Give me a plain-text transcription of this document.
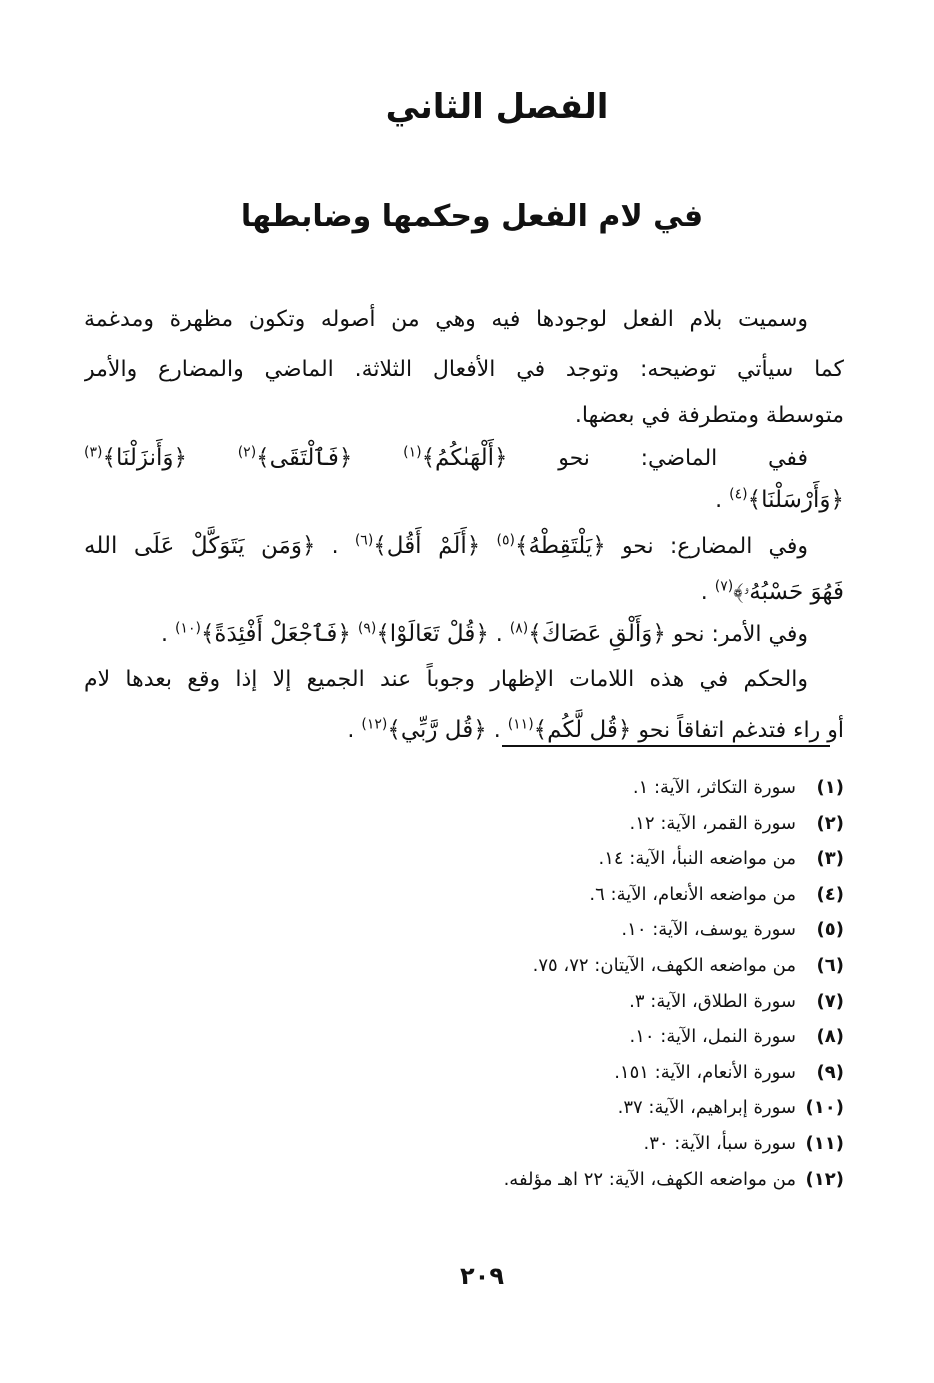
الفصل الثاني
في لام الفعل وحكمها وضابطها
وسميت بلام الفعل لوجودها فيه وهي من أصوله وتكون مظهرة ومدغمة
كما سيأتي توضيحه: وتوجد في الأفعال الثلاثة. الماضي والمضارع والأمر
متوسطة ومتطرفة في بعضها.
ففي الماضي: نحو ﴿أَلْهَىٰكُمُ﴾$^{(١)}$ ﴿فَٱلْتَقَى﴾$^{(٢)}$ ﴿وَأَنزَلْنَا﴾$^{(٣)}$
﴿وَأَرْسَلْنَا﴾$^{(٤)}$ .
وفي المضارع: نحو ﴿يَلْتَقِطْهُ﴾$^{(٥)}$ ﴿أَلَمْ أَقُل﴾$^{(٦)}$ . ﴿وَمَن يَتَوَكَّلْ عَلَى الله
فَهُوَ حَسْبُهُۥ﴾$^{(٧)}$ .
وفي الأمر: نحو ﴿وَأَلْقِ عَصَاكَ﴾$^{(٨)}$ . ﴿قُلْ تَعَالَوْا﴾$^{(٩)}$ ﴿فَٱجْعَلْ أَفْئِدَةً﴾$^{(١٠)}$ .
والحكم في هذه اللامات الإظهار وجوباً عند الجميع إلا إذا وقع بعدها لام
أو راء فتدغم اتفاقاً نحو ﴿قُل لَّكُم﴾$^{(١١)}$ . ﴿قُل رَّبِّي﴾$^{(١٢)}$ .
(١)سورة التكاثر، الآية: ١.
(٢)سورة القمر، الآية: ١٢.
(٣)من مواضعه النبأ، الآية: ١٤.
(٤)من مواضعه الأنعام، الآية: ٦.
(٥)سورة يوسف، الآية: ١٠.
(٦)من مواضعه الكهف، الآيتان: ٧٢، ٧٥.
(٧)سورة الطلاق، الآية: ٣.
(٨)سورة النمل، الآية: ١٠.
(٩)سورة الأنعام، الآية: ١٥١.
(١٠)سورة إبراهيم، الآية: ٣٧.
(١١)سورة سبأ، الآية: ٣٠.
(١٢)من مواضعه الكهف، الآية: ٢٢ اهـ مؤلفه.
٢٠٩
